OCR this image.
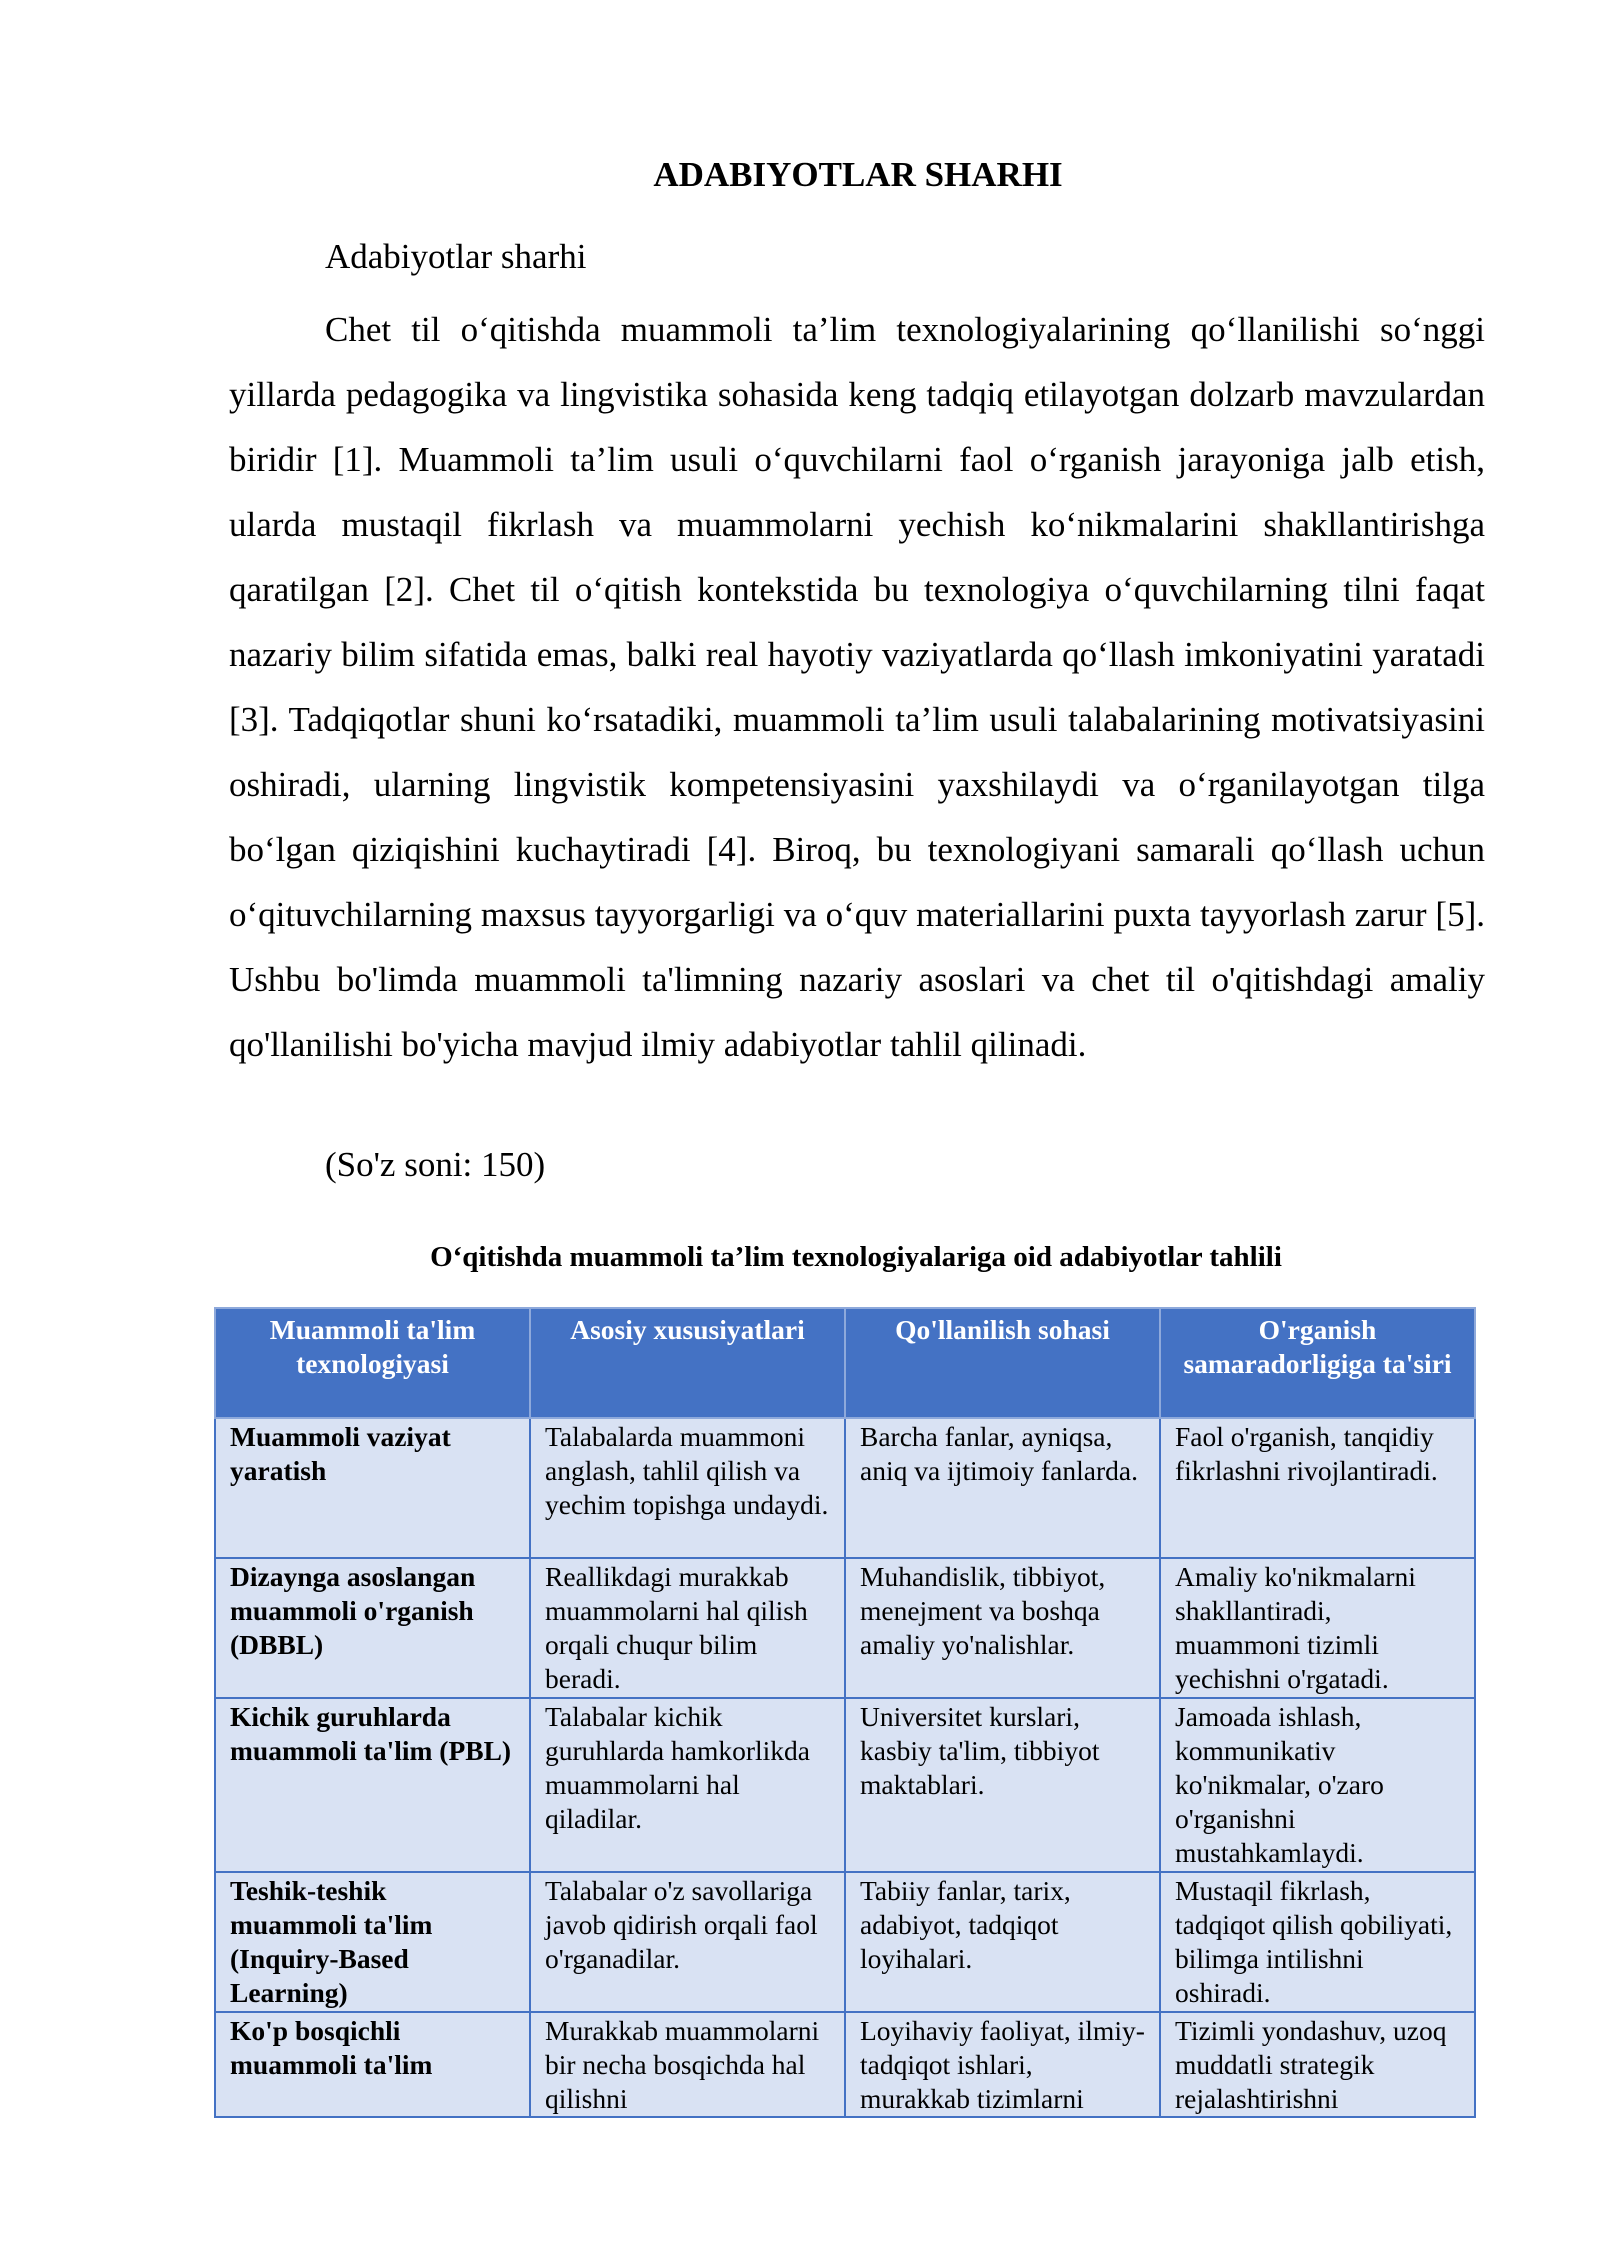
ADABIYOTLAR SHARHI
Adabiyotlar sharhi

Chet til o‘qitishda muammoli ta’lim texnologiyalarining qo‘llanilishi so‘nggi yillarda pedagogika va lingvistika sohasida keng tadqiq etilayotgan dolzarb mavzulardan biridir [1]. Muammoli ta’lim usuli o‘quvchilarni faol o‘rganish jarayoniga jalb etish, ularda mustaqil fikrlash va muammolarni yechish ko‘nikmalarini shakllantirishga qaratilgan [2]. Chet til o‘qitish kontekstida bu texnologiya o‘quvchilarning tilni faqat nazariy bilim sifatida emas, balki real hayotiy vaziyatlarda qo‘llash imkoniyatini yaratadi [3]. Tadqiqotlar shuni ko‘rsatadiki, muammoli ta’lim usuli talabalarining motivatsiyasini oshiradi, ularning lingvistik kompetensiyasini yaxshilaydi va o‘rganilayotgan tilga bo‘lgan qiziqishini kuchaytiradi [4]. Biroq, bu texnologiyani samarali qo‘llash uchun o‘qituvchilarning maxsus tayyorgarligi va o‘quv materiallarini puxta tayyorlash zarur [5]. Ushbu bo'limda muammoli ta'limning nazariy asoslari va chet til o'qitishdagi amaliy qo'llanilishi bo'yicha mavjud ilmiy adabiyotlar tahlil qilinadi.

(So'z soni: 150)
O‘qitishda muammoli ta’lim texnologiyalariga oid adabiyotlar tahlili
Muammoli ta'lim texnologiyasi	Asosiy xususiyatlari	Qo'llanilish sohasi	O'rganish samaradorligiga ta'siri
Muammoli vaziyat yaratish	Talabalarda muammoni anglash, tahlil qilish va yechim topishga undaydi.	Barcha fanlar, ayniqsa, aniq va ijtimoiy fanlarda.	Faol o'rganish, tanqidiy fikrlashni rivojlantiradi.
Dizaynga asoslangan muammoli o'rganish (DBBL)	Reallikdagi murakkab muammolarni hal qilish orqali chuqur bilim beradi.	Muhandislik, tibbiyot, menejment va boshqa amaliy yo'nalishlar.	Amaliy ko'nikmalarni shakllantiradi, muammoni tizimli yechishni o'rgatadi.
Kichik guruhlarda muammoli ta'lim (PBL)	Talabalar kichik guruhlarda hamkorlikda muammolarni hal qiladilar.	Universitet kurslari, kasbiy ta'lim, tibbiyot maktablari.	Jamoada ishlash, kommunikativ ko'nikmalar, o'zaro o'rganishni mustahkamlaydi.
Teshik-teshik muammoli ta'lim (Inquiry-Based Learning)	Talabalar o'z savollariga javob qidirish orqali faol o'rganadilar.	Tabiiy fanlar, tarix, adabiyot, tadqiqot loyihalari.	Mustaqil fikrlash, tadqiqot qilish qobiliyati, bilimga intilishni oshiradi.
Ko'p bosqichli muammoli ta'lim	Murakkab muammolarni bir necha bosqichda hal qilishni	Loyihaviy faoliyat, ilmiy-tadqiqot ishlari, murakkab tizimlarni	Tizimli yondashuv, uzoq muddatli strategik rejalashtirishni
